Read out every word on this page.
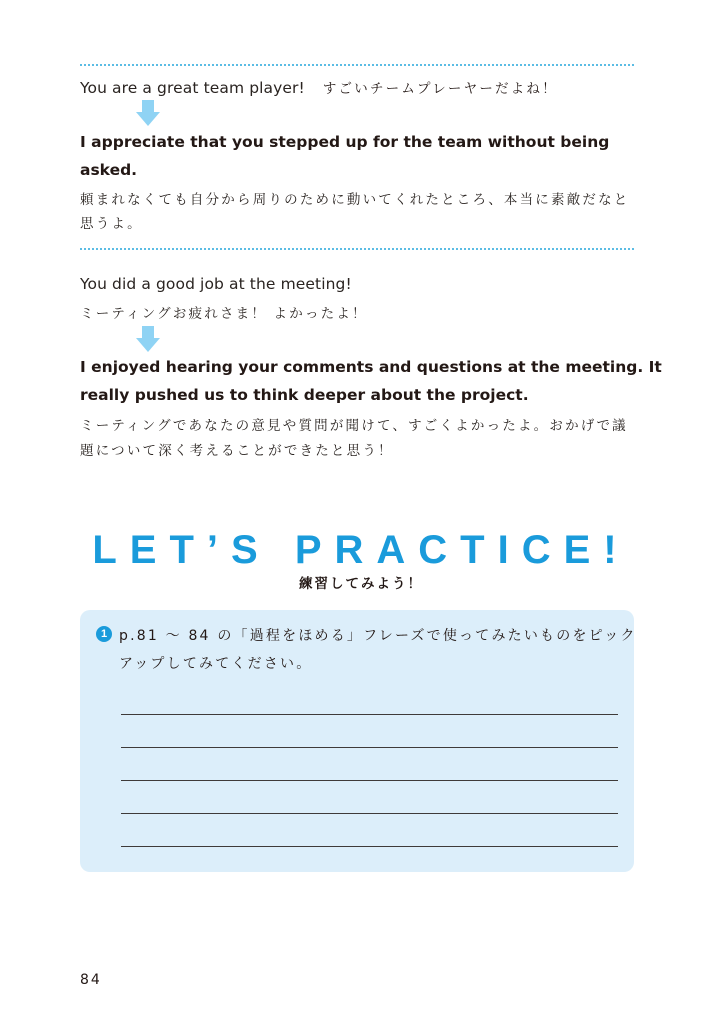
You are a great team player! すごいチームプレーヤーだよね！
I appreciate that you stepped up for the team without being
asked.
頼まれなくても自分から周りのために動いてくれたところ、本当に素敵だなと
思うよ。
You did a good job at the meeting!
ミーティングお疲れさま！ よかったよ！
I enjoyed hearing your comments and questions at the meeting. It
really pushed us to think deeper about the project.
ミーティングであなたの意見や質問が聞けて、すごくよかったよ。おかげで議
題について深く考えることができたと思う！
LET’S PRACTICE!
練習してみよう！
1 p.81 ～ 84 の「過程をほめる」フレーズで使ってみたいものをピック
アップしてみてください。
84
